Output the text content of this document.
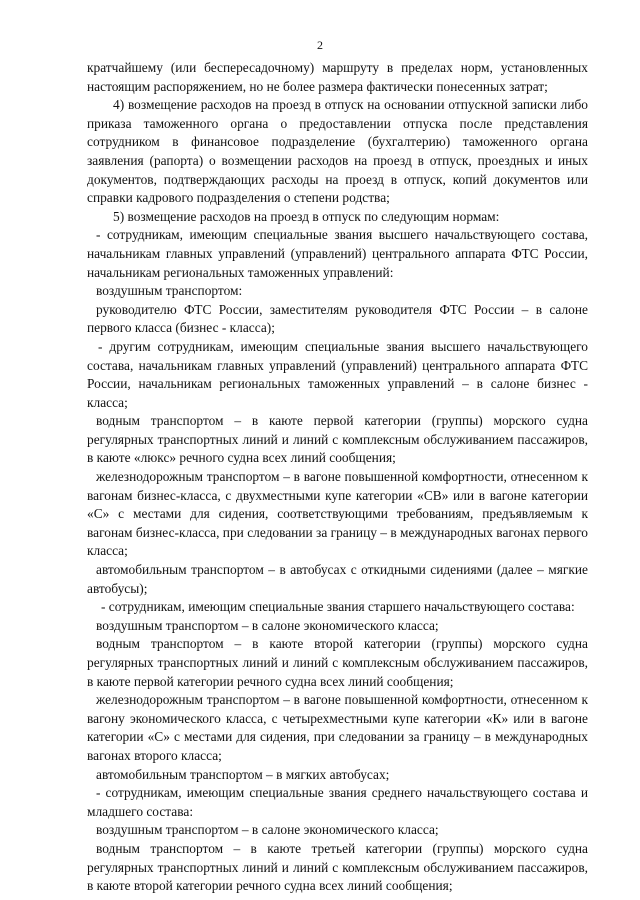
2

кратчайшему (или беспересадочному) маршруту в пределах норм, установленных настоящим распоряжением, но не более размера фактически понесенных затрат;

4) возмещение расходов на проезд в отпуск на основании отпускной записки либо приказа таможенного органа о предоставлении отпуска после представления сотрудником в финансовое подразделение (бухгалтерию) таможенного органа заявления (рапорта) о возмещении расходов на проезд в отпуск, проездных и иных документов, подтверждающих расходы на проезд в отпуск, копий документов или справки кадрового подразделения о степени родства;

5) возмещение расходов на проезд в отпуск по следующим нормам:

- сотрудникам, имеющим специальные звания высшего начальствующего состава, начальникам главных управлений (управлений) центрального аппарата ФТС России, начальникам региональных таможенных управлений:

воздушным транспортом:

руководителю ФТС России, заместителям руководителя ФТС России – в салоне первого класса (бизнес - класса);

- другим сотрудникам, имеющим специальные звания высшего начальствующего состава, начальникам главных управлений (управлений) центрального аппарата ФТС России, начальникам региональных таможенных управлений – в салоне бизнес - класса;

водным транспортом – в каюте первой категории (группы) морского судна регулярных транспортных линий и линий с комплексным обслуживанием пассажиров, в каюте «люкс» речного судна всех линий сообщения;

железнодорожным транспортом – в вагоне повышенной комфортности, отнесенном к вагонам бизнес-класса, с двухместными купе категории «СВ» или в вагоне категории «С» с местами для сидения, соответствующими требованиям, предъявляемым к вагонам бизнес-класса, при следовании за границу – в международных вагонах первого класса;

автомобильным транспортом – в автобусах с откидными сидениями (далее – мягкие автобусы);

- сотрудникам, имеющим специальные звания старшего начальствующего состава:

воздушным транспортом – в салоне экономического класса;

водным транспортом – в каюте второй категории (группы) морского судна регулярных транспортных линий и линий с комплексным обслуживанием пассажиров, в каюте первой категории речного судна всех линий сообщения;

железнодорожным транспортом – в вагоне повышенной комфортности, отнесенном к вагону экономического класса, с четырехместными купе категории «К» или в вагоне категории «С» с местами для сидения, при следовании за границу – в международных вагонах второго класса;

автомобильным транспортом – в мягких автобусах;

- сотрудникам, имеющим специальные звания среднего начальствующего состава и младшего состава:

воздушным транспортом – в салоне экономического класса;

водным транспортом – в каюте третьей категории (группы) морского судна регулярных транспортных линий и линий с комплексным обслуживанием пассажиров, в каюте второй категории речного судна всех линий сообщения;
